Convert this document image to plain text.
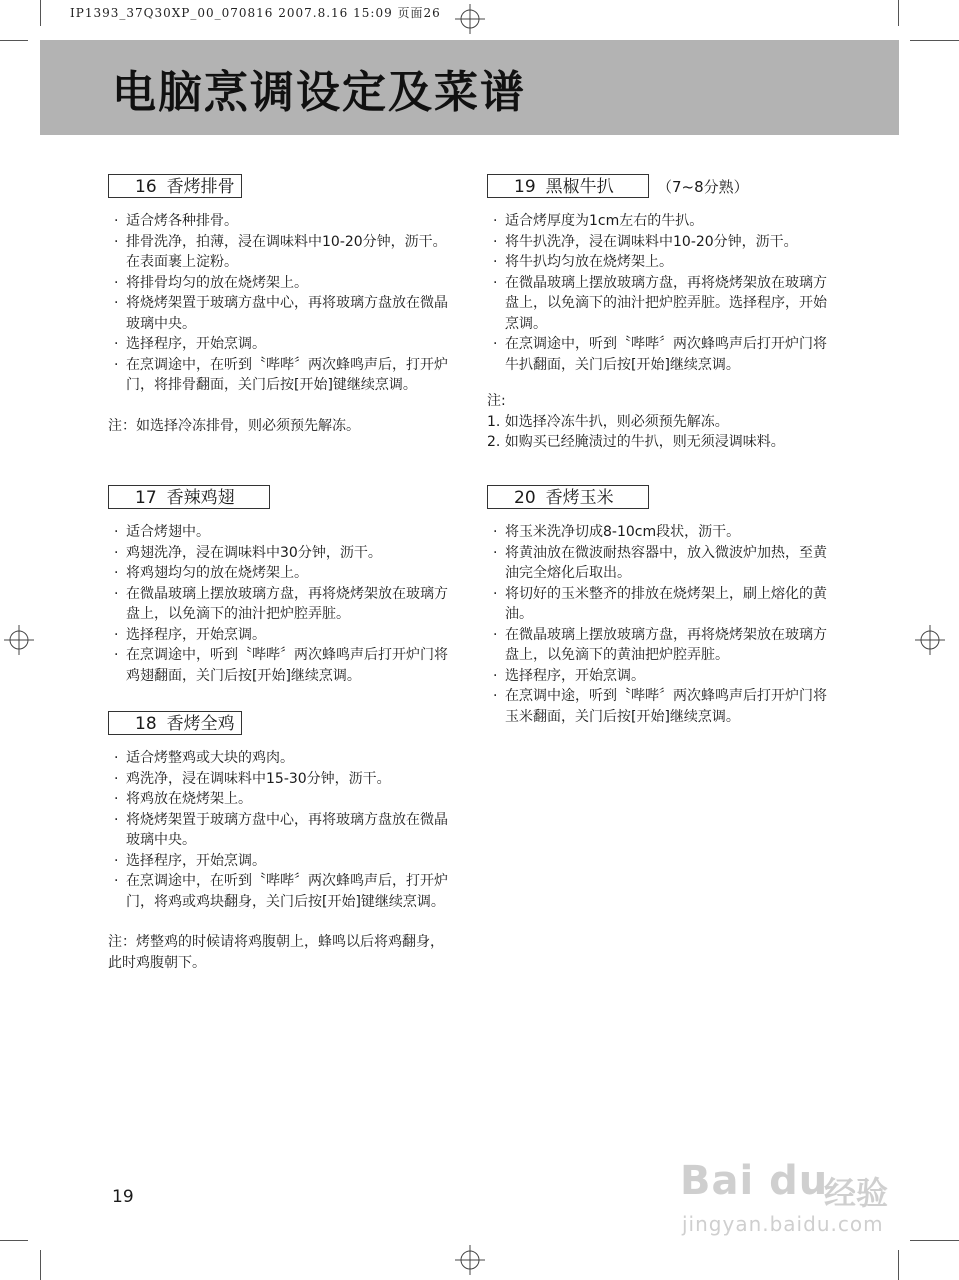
IP1393_37Q30XP_00_070816 2007.8.16 15:09 页面26
电脑烹调设定及菜谱
16 香烤排骨
· 适合烤各种排骨。
· 排骨洗净，拍薄，浸在调味料中10-20分钟，沥干。在表面裹上淀粉。
· 将排骨均匀的放在烧烤架上。
· 将烧烤架置于玻璃方盘中心，再将玻璃方盘放在微晶玻璃中央。
· 选择程序，开始烹调。
· 在烹调途中，在听到〝哔哔〞两次蜂鸣声后，打开炉门，将排骨翻面，关门后按[开始]键继续烹调。

注：如选择冷冻排骨，则必须预先解冻。

17 香辣鸡翅
· 适合烤翅中。
· 鸡翅洗净，浸在调味料中30分钟，沥干。
· 将鸡翅均匀的放在烧烤架上。
· 在微晶玻璃上摆放玻璃方盘，再将烧烤架放在玻璃方盘上，以免滴下的油汁把炉腔弄脏。
· 选择程序，开始烹调。
· 在烹调途中，听到〝哔哔〞两次蜂鸣声后打开炉门将鸡翅翻面，关门后按[开始]继续烹调。
18 香烤全鸡
· 适合烤整鸡或大块的鸡肉。
· 鸡洗净，浸在调味料中15-30分钟，沥干。
· 将鸡放在烧烤架上。
· 将烧烤架置于玻璃方盘中心，再将玻璃方盘放在微晶玻璃中央。
· 选择程序，开始烹调。
· 在烹调途中，在听到〝哔哔〞两次蜂鸣声后，打开炉门，将鸡或鸡块翻身，关门后按[开始]键继续烹调。

注：烤整鸡的时候请将鸡腹朝上，蜂鸣以后将鸡翻身，此时鸡腹朝下。

19 黑椒牛扒	（7~8分熟）
· 适合烤厚度为1cm左右的牛扒。
· 将牛扒洗净，浸在调味料中10-20分钟，沥干。
· 将牛扒均匀放在烧烤架上。
· 在微晶玻璃上摆放玻璃方盘，再将烧烤架放在玻璃方盘上，以免滴下的油汁把炉腔弄脏。选择程序，开始烹调。
· 在烹调途中，听到〝哔哔〞两次蜂鸣声后打开炉门将牛扒翻面，关门后按[开始]继续烹调。

注:

1. 如选择冷冻牛扒，则必须预先解冻。

2. 如购买已经腌渍过的牛扒，则无须浸调味料。

20 香烤玉米
· 将玉米洗净切成8-10cm段状，沥干。
· 将黄油放在微波耐热容器中，放入微波炉加热，至黄油完全熔化后取出。
· 将切好的玉米整齐的排放在烧烤架上，刷上熔化的黄油。
· 在微晶玻璃上摆放玻璃方盘，再将烧烤架放在玻璃方盘上，以免滴下的黄油把炉腔弄脏。
· 选择程序，开始烹调。
· 在烹调中途，听到〝哔哔〞两次蜂鸣声后打开炉门将玉米翻面，关门后按[开始]继续烹调。
19	Bai du
经验
jingyan.baidu.com
